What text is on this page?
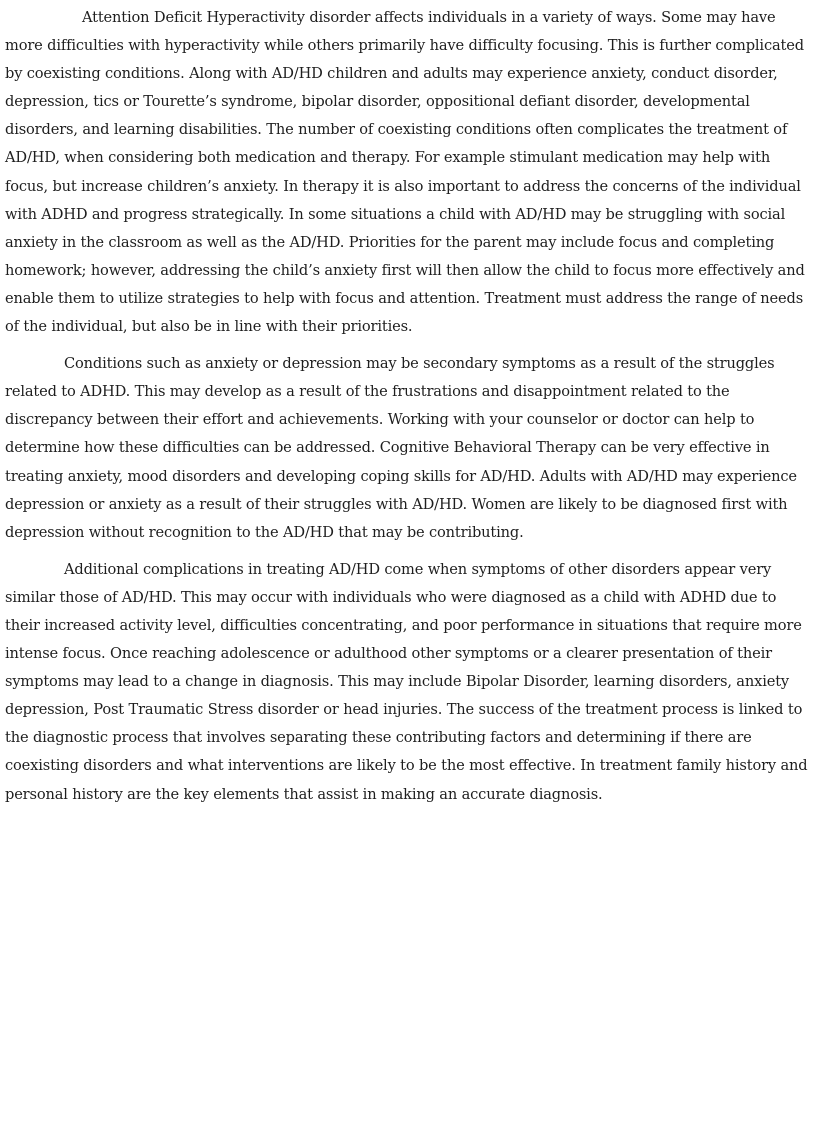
Attention Deficit Hyperactivity disorder affects individuals in a variety of ways. Some may have more difficulties with hyperactivity while others primarily have difficulty focusing. This is further complicated by coexisting conditions. Along with AD/HD children and adults may experience anxiety, conduct disorder, depression, tics or Tourette’s syndrome, bipolar disorder, oppositional defiant disorder, developmental disorders, and learning disabilities. The number of coexisting conditions often complicates the treatment of AD/HD, when considering both medication and therapy. For example stimulant medication may help with focus, but increase children’s anxiety. In therapy it is also important to address the concerns of the individual with ADHD and progress strategically. In some situations a child with AD/HD may be struggling with social anxiety in the classroom as well as the AD/HD. Priorities for the parent may include focus and completing homework; however, addressing the child’s anxiety first will then allow the child to focus more effectively and enable them to utilize strategies to help with focus and attention. Treatment must address the range of needs of the individual, but also be in line with their priorities.

Conditions such as anxiety or depression may be secondary symptoms as a result of the struggles related to ADHD. This may develop as a result of the frustrations and disappointment related to the discrepancy between their effort and achievements. Working with your counselor or doctor can help to determine how these difficulties can be addressed. Cognitive Behavioral Therapy can be very effective in treating anxiety, mood disorders and developing coping skills for AD/HD. Adults with AD/HD may experience depression or anxiety as a result of their struggles with AD/HD. Women are likely to be diagnosed first with depression without recognition to the AD/HD that may be contributing.

Additional complications in treating AD/HD come when symptoms of other disorders appear very similar those of AD/HD. This may occur with individuals who were diagnosed as a child with ADHD due to their increased activity level, difficulties concentrating, and poor performance in situations that require more intense focus. Once reaching adolescence or adulthood other symptoms or a clearer presentation of their symptoms may lead to a change in diagnosis. This may include Bipolar Disorder, learning disorders, anxiety depression, Post Traumatic Stress disorder or head injuries. The success of the treatment process is linked to the diagnostic process that involves separating these contributing factors and determining if there are coexisting disorders and what interventions are likely to be the most effective. In treatment family history and personal history are the key elements that assist in making an accurate diagnosis.
